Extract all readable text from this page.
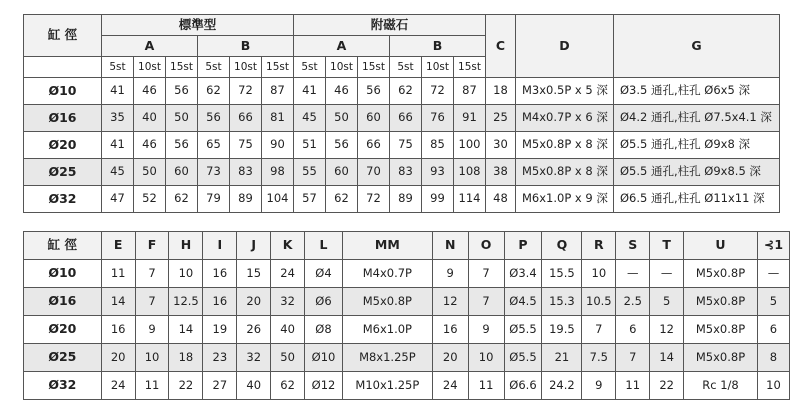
缸 徑	標準型						附磁石						C	D	G
	A			B			A			B					
	5st	10st	15st	5st	10st	15st	5st	10st	15st	5st	10st	15st			
Ø10	41	46	56	62	72	87	41	46	56	62	72	87	18	M3x0.5P x 5 深	Ø3.5 通孔,柱孔 Ø6x5 深
Ø16	35	40	50	56	66	81	45	50	60	66	76	91	25	M4x0.7P x 6 深	Ø4.2 通孔,柱孔 Ø7.5x4.1 深
Ø20	41	46	56	65	75	90	51	56	66	75	85	100	30	M5x0.8P x 8 深	Ø5.5 通孔,柱孔 Ø9x8 深
Ø25	45	50	60	73	83	98	55	60	70	83	93	108	38	M5x0.8P x 8 深	Ø5.5 通孔,柱孔 Ø9x8.5 深
Ø32	47	52	62	79	89	104	57	62	72	89	99	114	48	M6x1.0P x 9 深	Ø6.5 通孔,柱孔 Ø11x11 深
缸 徑	E	F	H	I	J	K	L	MM	N	O	P	Q	R	S	T	U	⊰1
Ø10	11	7	10	16	15	24	Ø4	M4x0.7P	9	7	Ø3.4	15.5	10	—	—	M5x0.8P	—
Ø16	14	7	12.5	16	20	32	Ø6	M5x0.8P	12	7	Ø4.5	15.3	10.5	2.5	5	M5x0.8P	5
Ø20	16	9	14	19	26	40	Ø8	M6x1.0P	16	9	Ø5.5	19.5	7	6	12	M5x0.8P	6
Ø25	20	10	18	23	32	50	Ø10	M8x1.25P	20	10	Ø5.5	21	7.5	7	14	M5x0.8P	8
Ø32	24	11	22	27	40	62	Ø12	M10x1.25P	24	11	Ø6.6	24.2	9	11	22	Rc 1/8	10
